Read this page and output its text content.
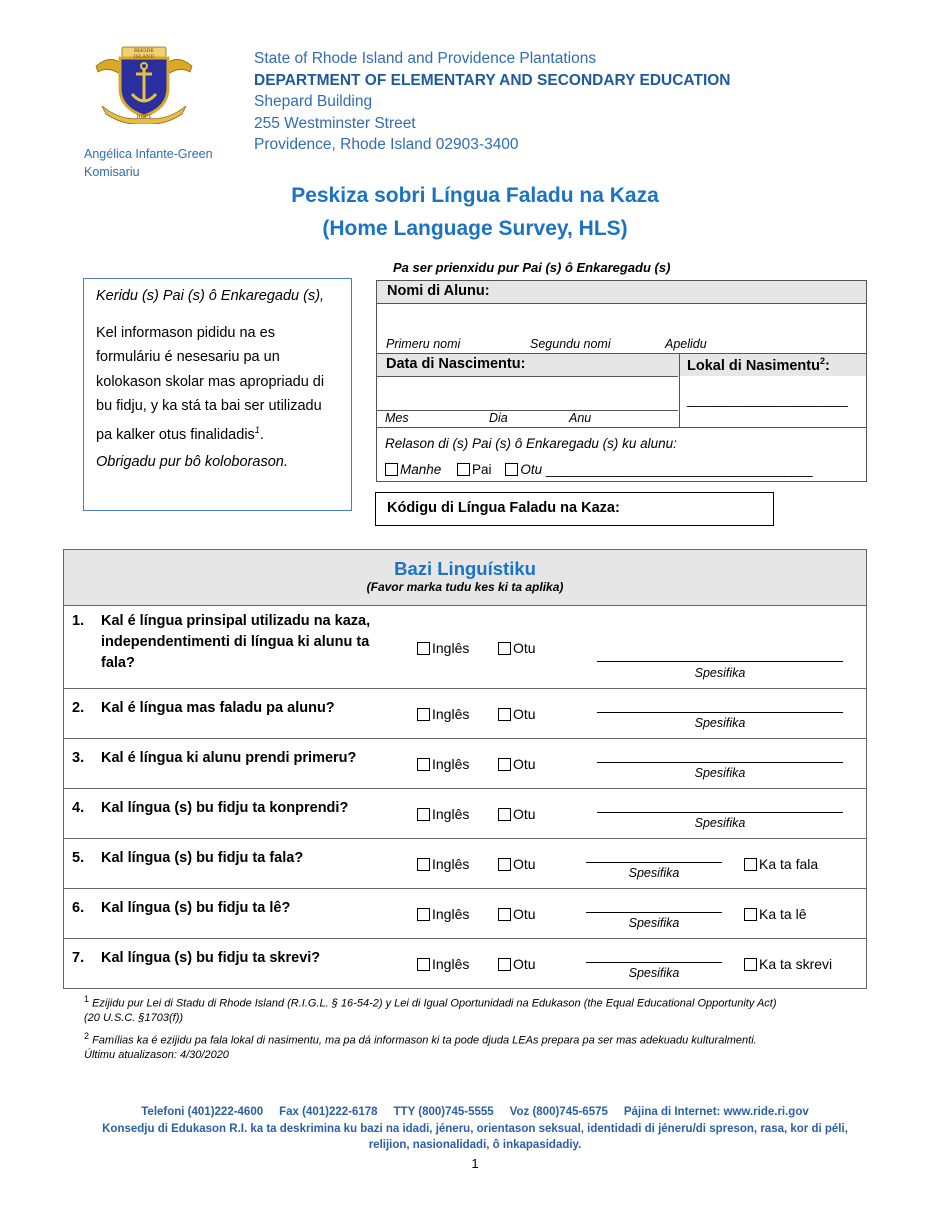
RHODE ISLAND
HOPE
State of Rhode Island and Providence Plantations
DEPARTMENT OF ELEMENTARY AND SECONDARY EDUCATION
Shepard Building
255 Westminster Street
Providence, Rhode Island 02903-3400
Angélica Infante-Green
Komisariu
Peskiza sobri Língua Faladu na Kaza
(Home Language Survey, HLS)
Keridu (s) Pai (s) ô Enkaregadu (s),
Kel informason pididu na es formuláriu é nesesariu pa un kolokason skolar mas apropriadu di bu fidju, y ka stá ta bai ser utilizadu pa kalker otus finalidadis$^1$.
Obrigadu pur bô koloborason.
Pa ser prienxidu pur Pai (s) ô Enkaregadu (s)
Nomi di Alunu:
Primeru nomi	Segundu nomi	Apelidu
Data di Nascimentu:	Lokal di Nasimentu$^2$:
Mes	Dia	Anu
______________________
Relason di (s) Pai (s) ô Enkaregadu (s) ku alunu:
Manhe Pai Otu ______________________________________
Kódigu di Língua Faladu na Kaza:
Bazi Linguístiku
(Favor marka tudu kes ki ta aplika)
1. Kal é língua prinsipal utilizadu na kaza, independentimenti di língua ki alunu ta fala?
Inglês	Otu
Spesifika
2. Kal é língua mas faladu pa alunu?	Inglês	Otu
Spesifika
3. Kal é língua ki alunu prendi primeru?	Inglês	Otu
Spesifika
4. Kal língua (s) bu fidju ta konprendi?	Inglês	Otu
Spesifika
5. Kal língua (s) bu fidju ta fala?	Inglês	Otu
Spesifika
Ka ta fala
6. Kal língua (s) bu fidju ta lê?	Inglês	Otu
Spesifika
Ka ta lê
7. Kal língua (s) bu fidju ta skrevi?	Inglês	Otu
Spesifika
Ka ta skrevi
$^1$ Ezijidu pur Lei di Stadu di Rhode Island (R.I.G.L. § 16-54-2) y Lei di Igual Oportunidadi na Edukason (the Equal Educational Opportunity Act)
(20 U.S.C. §1703(f))
$^2$ Famílias ka é ezijidu pa fala lokal di nasimentu, ma pa dá informason ki ta pode djuda LEAs prepara pa ser mas adekuadu kulturalmenti.
Últimu atualizason: 4/30/2020
Telefoni (401)222-4600     Fax (401)222-6178     TTY (800)745-5555     Voz (800)745-6575     Pájina di Internet: www.ride.ri.gov
Konsedju di Edukason R.I. ka ta deskrimina ku bazi na idadi, jéneru, orientason seksual, identidadi di jéneru/di spreson, rasa, kor di péli,
relijion, nasionalidadi, ô inkapasidadiy.
1
